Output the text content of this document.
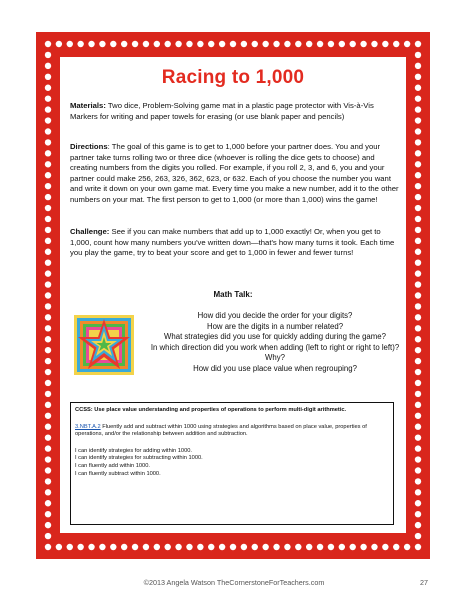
Racing to 1,000
Materials: Two dice, Problem-Solving game mat in a plastic page protector with Vis-à-Vis Markers for writing and paper towels for erasing (or use blank paper and pencils)
Directions: The goal of this game is to get to 1,000 before your partner does. You and your partner take turns rolling two or three dice (whoever is rolling the dice gets to choose) and creating numbers from the digits you rolled. For example, if you roll 2, 3, and 6, you and your partner could make 256, 263, 326, 362, 623, or 632. Each of you choose the number you want and write it down on your own game mat. Every time you make a new number, add it to the other numbers on your mat. The first person to get to 1,000 (or more than 1,000) wins the game!
Challenge: See if you can make numbers that add up to 1,000 exactly! Or, when you get to 1,000, count how many numbers you've written down—that's how many turns it took. Each time you play the game, try to beat your score and get to 1,000 in fewer and fewer turns!
Math Talk:
How did you decide the order for your digits?
How are the digits in a number related?
What strategies did you use for quickly adding during the game?
In which direction did you work when adding (left to right or right to left)? Why?
How did you use place value when regrouping?
CCSS: Use place value understanding and properties of operations to perform multi-digit arithmetic.
3.NBT.A.2 Fluently add and subtract within 1000 using strategies and algorithms based on place value, properties of operations, and/or the relationship between addition and subtraction.
I can identify strategies for adding within 1000.
I can identify strategies for subtracting within 1000.
I can fluently add within 1000.
I can fluently subtract within 1000.
©2013 Angela Watson TheCornerstoneForTeachers.com	27
